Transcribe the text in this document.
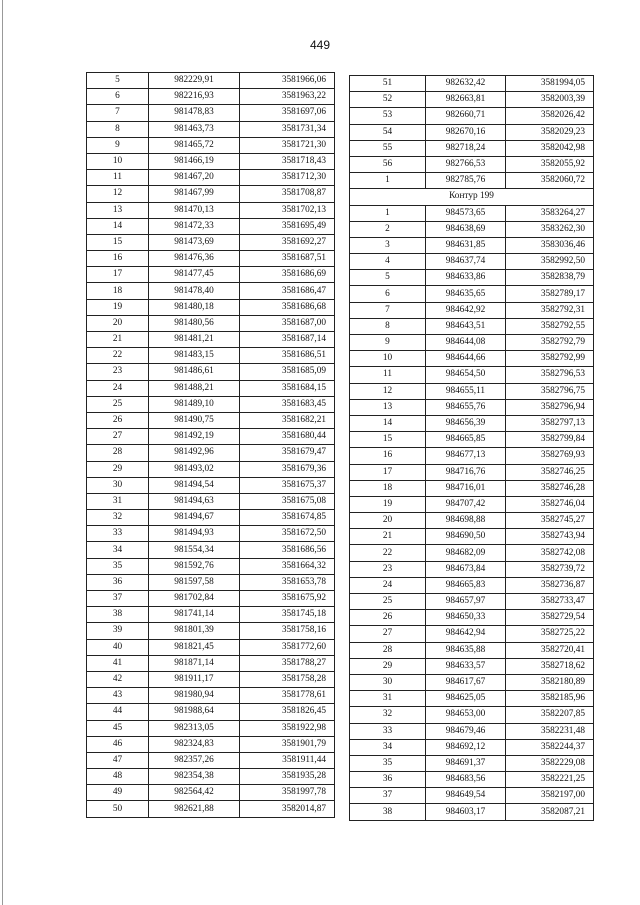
449
5	982229,91	3581966,06
6	982216,93	3581963,22
7	981478,83	3581697,06
8	981463,73	3581731,34
9	981465,72	3581721,30
10	981466,19	3581718,43
11	981467,20	3581712,30
12	981467,99	3581708,87
13	981470,13	3581702,13
14	981472,33	3581695,49
15	981473,69	3581692,27
16	981476,36	3581687,51
17	981477,45	3581686,69
18	981478,40	3581686,47
19	981480,18	3581686,68
20	981480,56	3581687,00
21	981481,21	3581687,14
22	981483,15	3581686,51
23	981486,61	3581685,09
24	981488,21	3581684,15
25	981489,10	3581683,45
26	981490,75	3581682,21
27	981492,19	3581680,44
28	981492,96	3581679,47
29	981493,02	3581679,36
30	981494,54	3581675,37
31	981494,63	3581675,08
32	981494,67	3581674,85
33	981494,93	3581672,50
34	981554,34	3581686,56
35	981592,76	3581664,32
36	981597,58	3581653,78
37	981702,84	3581675,92
38	981741,14	3581745,18
39	981801,39	3581758,16
40	981821,45	3581772,60
41	981871,14	3581788,27
42	981911,17	3581758,28
43	981980,94	3581778,61
44	981988,64	3581826,45
45	982313,05	3581922,98
46	982324,83	3581901,79
47	982357,26	3581911,44
48	982354,38	3581935,28
49	982564,42	3581997,78
50	982621,88	3582014,87
51	982632,42	3581994,05
52	982663,81	3582003,39
53	982660,71	3582026,42
54	982670,16	3582029,23
55	982718,24	3582042,98
56	982766,53	3582055,92
1	982785,76	3582060,72
Контур 199		
1	984573,65	3583264,27
2	984638,69	3583262,30
3	984631,85	3583036,46
4	984637,74	3582992,50
5	984633,86	3582838,79
6	984635,65	3582789,17
7	984642,92	3582792,31
8	984643,51	3582792,55
9	984644,08	3582792,79
10	984644,66	3582792,99
11	984654,50	3582796,53
12	984655,11	3582796,75
13	984655,76	3582796,94
14	984656,39	3582797,13
15	984665,85	3582799,84
16	984677,13	3582769,93
17	984716,76	3582746,25
18	984716,01	3582746,28
19	984707,42	3582746,04
20	984698,88	3582745,27
21	984690,50	3582743,94
22	984682,09	3582742,08
23	984673,84	3582739,72
24	984665,83	3582736,87
25	984657,97	3582733,47
26	984650,33	3582729,54
27	984642,94	3582725,22
28	984635,88	3582720,41
29	984633,57	3582718,62
30	984617,67	3582180,89
31	984625,05	3582185,96
32	984653,00	3582207,85
33	984679,46	3582231,48
34	984692,12	3582244,37
35	984691,37	3582229,08
36	984683,56	3582221,25
37	984649,54	3582197,00
38	984603,17	3582087,21
